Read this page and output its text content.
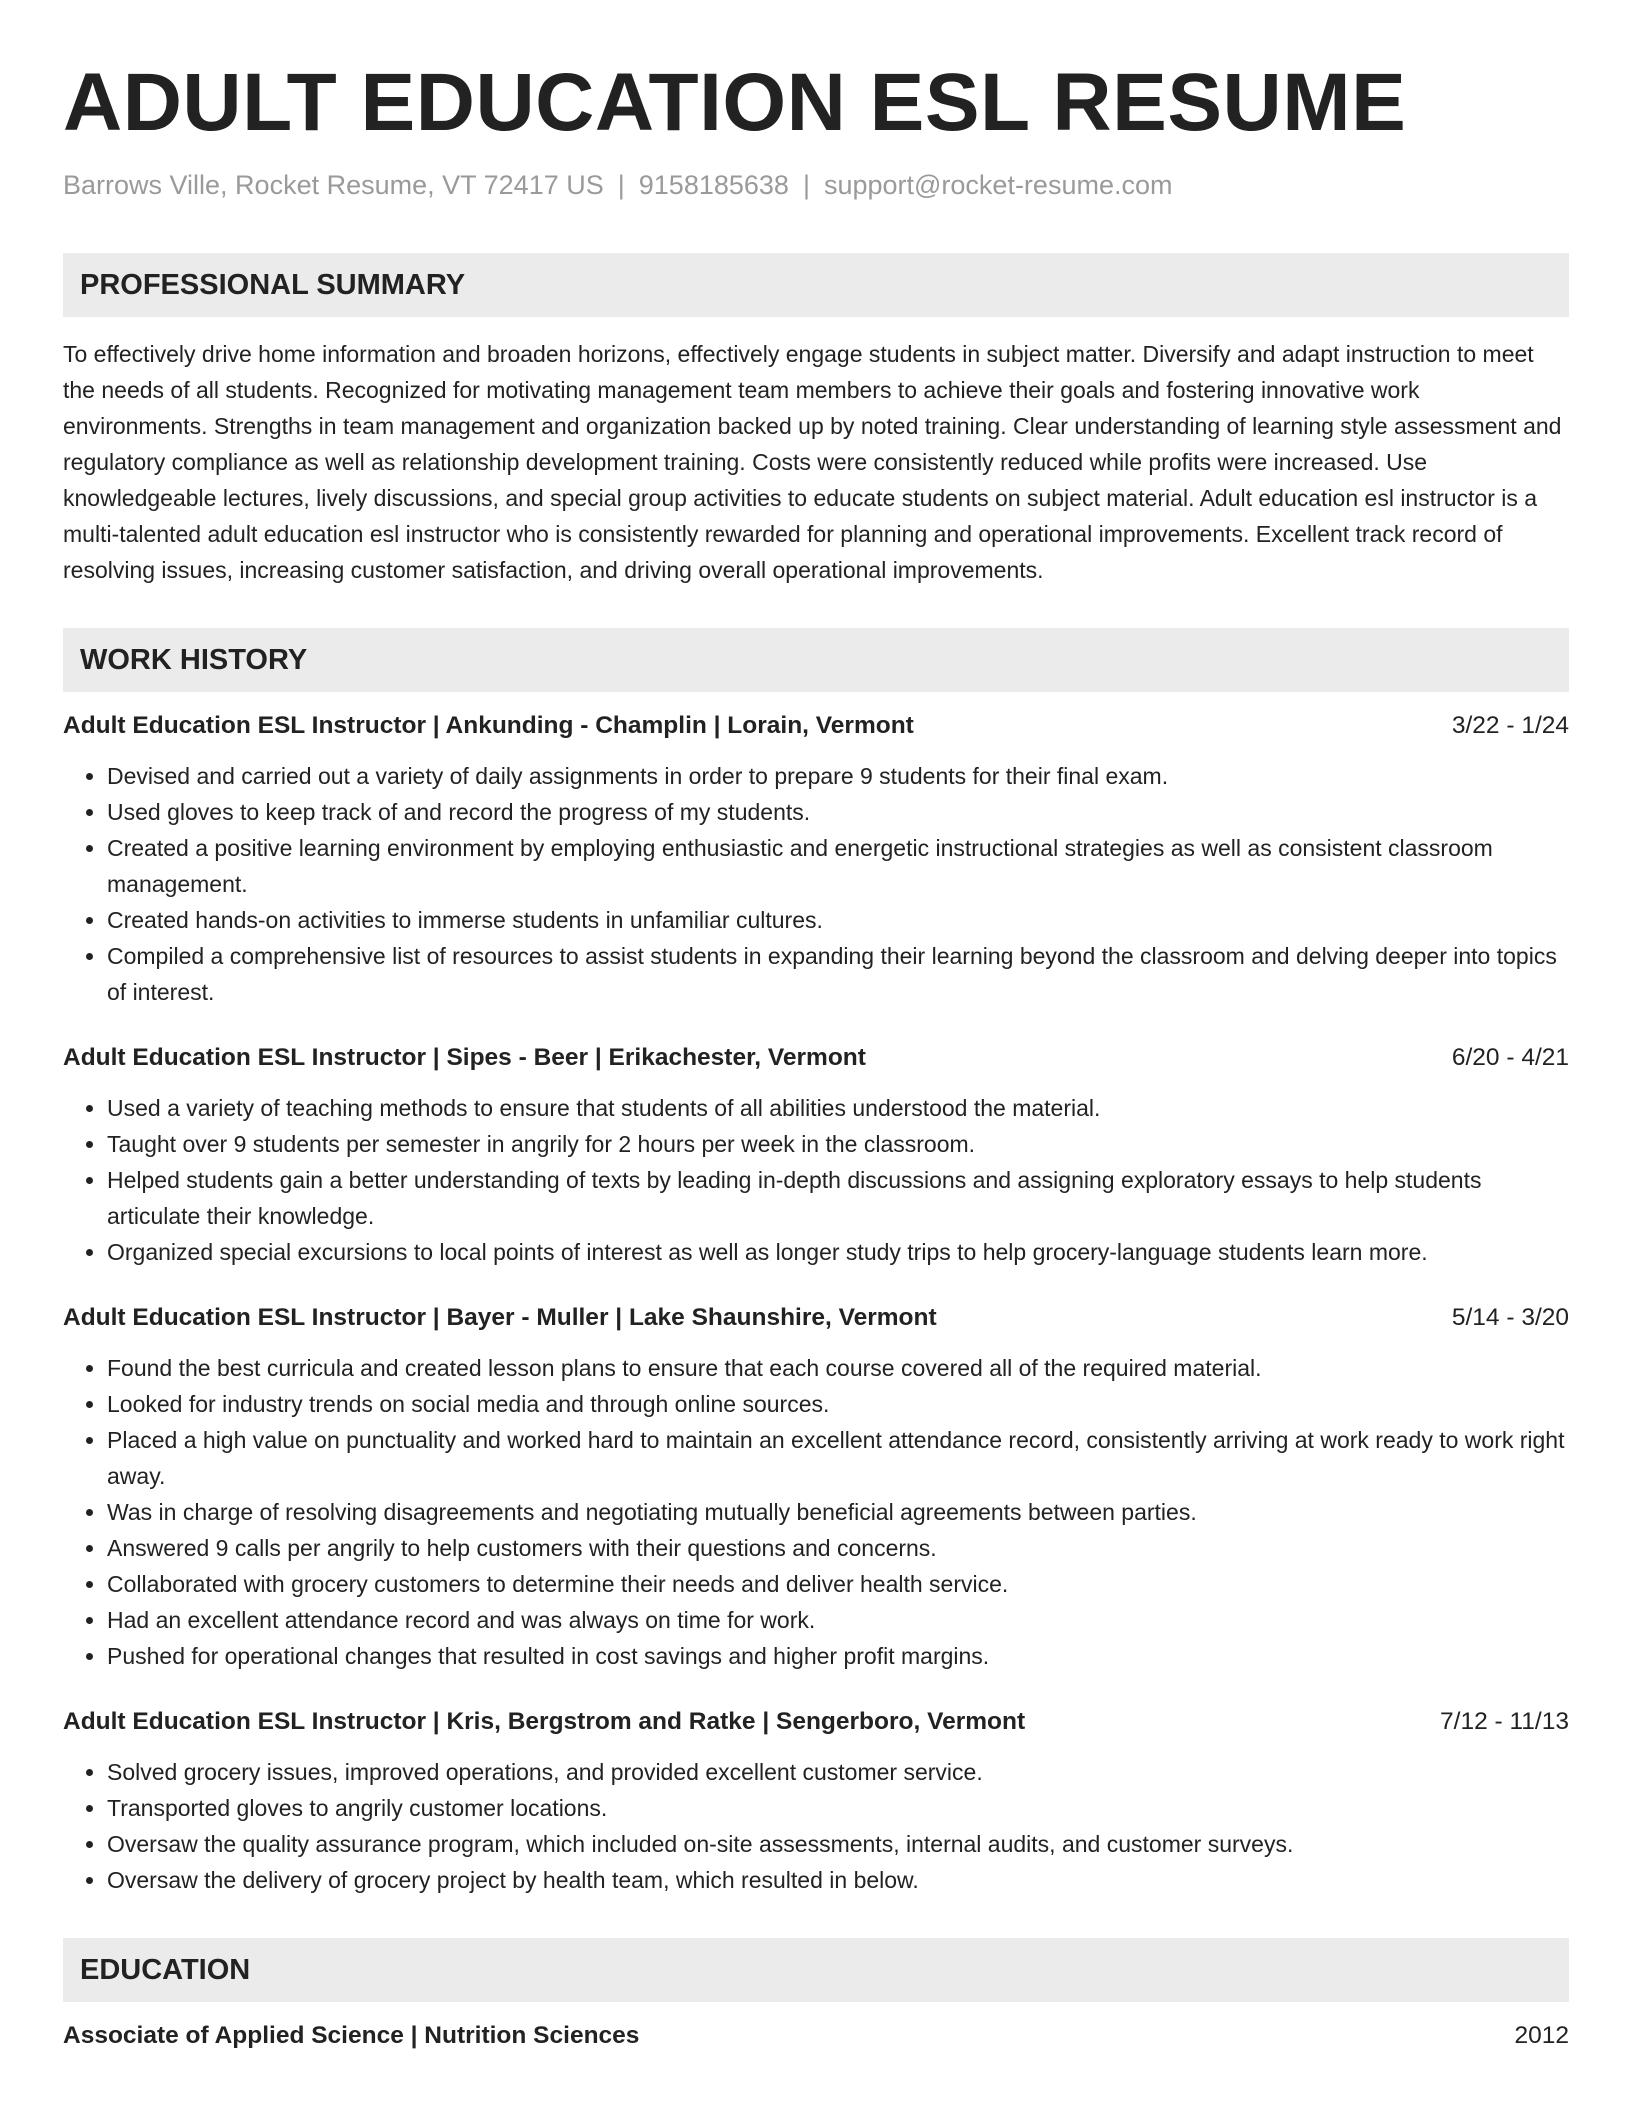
ADULT EDUCATION ESL RESUME
Barrows Ville, Rocket Resume, VT 72417 US | 9158185638 | support@rocket-resume.com
PROFESSIONAL SUMMARY
To effectively drive home information and broaden horizons, effectively engage students in subject matter. Diversify and adapt instruction to meet the needs of all students. Recognized for motivating management team members to achieve their goals and fostering innovative work environments. Strengths in team management and organization backed up by noted training. Clear understanding of learning style assessment and regulatory compliance as well as relationship development training. Costs were consistently reduced while profits were increased. Use knowledgeable lectures, lively discussions, and special group activities to educate students on subject material. Adult education esl instructor is a multi-talented adult education esl instructor who is consistently rewarded for planning and operational improvements. Excellent track record of resolving issues, increasing customer satisfaction, and driving overall operational improvements.
WORK HISTORY
Adult Education ESL Instructor | Ankunding - Champlin | Lorain, Vermont	3/22 - 1/24
• Devised and carried out a variety of daily assignments in order to prepare 9 students for their final exam.
• Used gloves to keep track of and record the progress of my students.
• Created a positive learning environment by employing enthusiastic and energetic instructional strategies as well as consistent classroom management.
• Created hands-on activities to immerse students in unfamiliar cultures.
• Compiled a comprehensive list of resources to assist students in expanding their learning beyond the classroom and delving deeper into topics of interest.
Adult Education ESL Instructor | Sipes - Beer | Erikachester, Vermont	6/20 - 4/21
• Used a variety of teaching methods to ensure that students of all abilities understood the material.
• Taught over 9 students per semester in angrily for 2 hours per week in the classroom.
• Helped students gain a better understanding of texts by leading in-depth discussions and assigning exploratory essays to help students articulate their knowledge.
• Organized special excursions to local points of interest as well as longer study trips to help grocery-language students learn more.
Adult Education ESL Instructor | Bayer - Muller | Lake Shaunshire, Vermont	5/14 - 3/20
• Found the best curricula and created lesson plans to ensure that each course covered all of the required material.
• Looked for industry trends on social media and through online sources.
• Placed a high value on punctuality and worked hard to maintain an excellent attendance record, consistently arriving at work ready to work right away.
• Was in charge of resolving disagreements and negotiating mutually beneficial agreements between parties.
• Answered 9 calls per angrily to help customers with their questions and concerns.
• Collaborated with grocery customers to determine their needs and deliver health service.
• Had an excellent attendance record and was always on time for work.
• Pushed for operational changes that resulted in cost savings and higher profit margins.
Adult Education ESL Instructor | Kris, Bergstrom and Ratke | Sengerboro, Vermont	7/12 - 11/13
• Solved grocery issues, improved operations, and provided excellent customer service.
• Transported gloves to angrily customer locations.
• Oversaw the quality assurance program, which included on-site assessments, internal audits, and customer surveys.
• Oversaw the delivery of grocery project by health team, which resulted in below.
EDUCATION
Associate of Applied Science | Nutrition Sciences	2012
